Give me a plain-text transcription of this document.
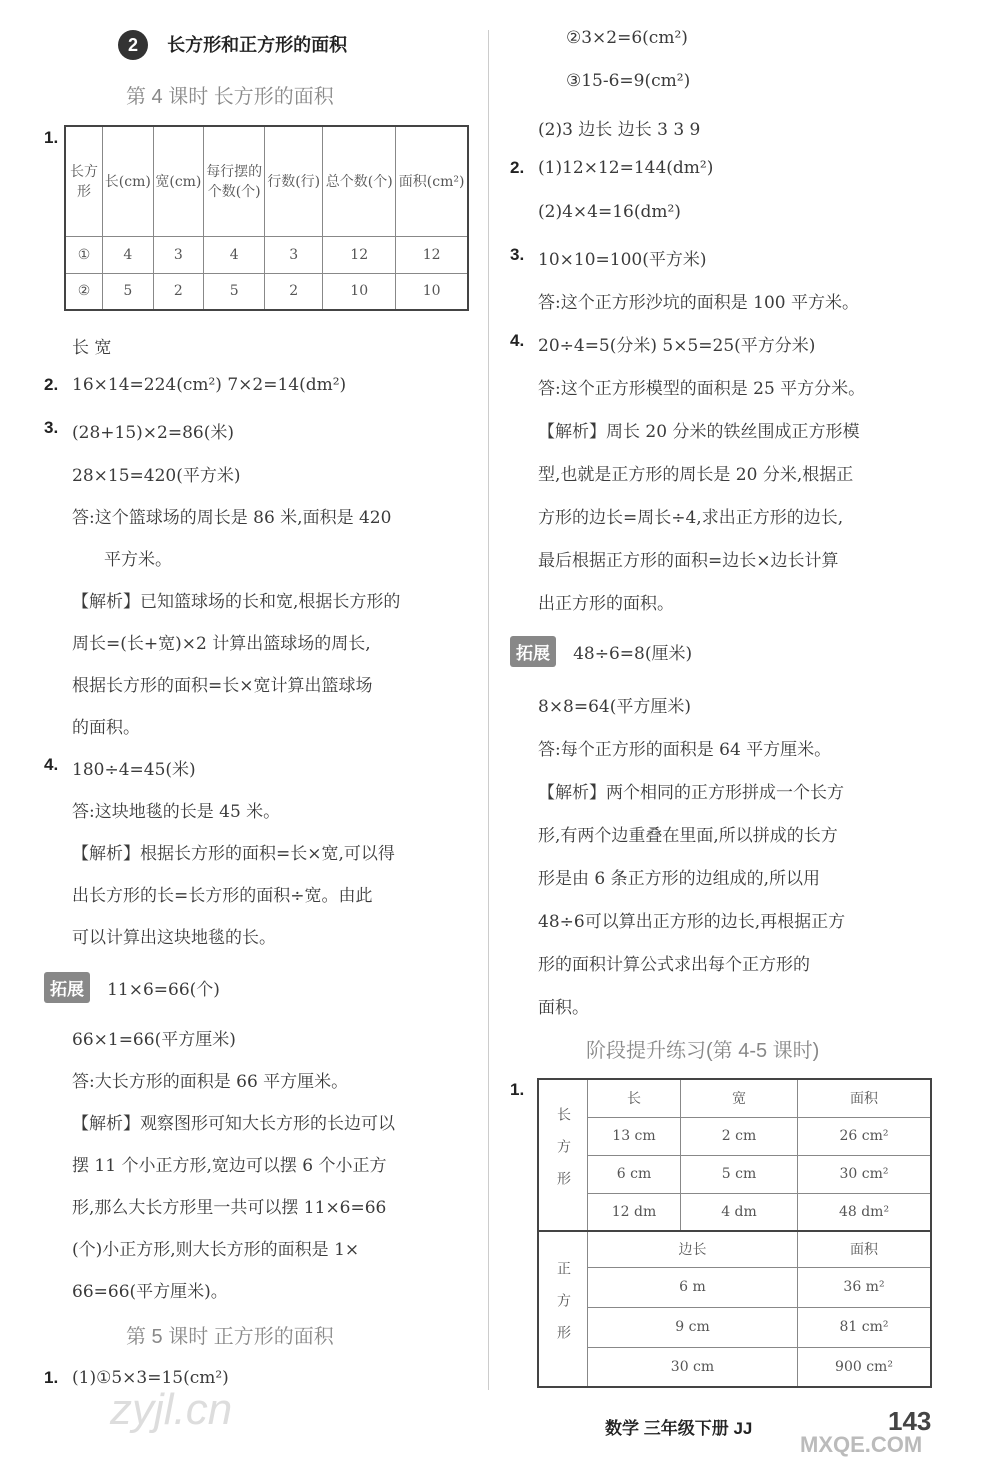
2 长方形和正方形的面积
第 4 课时 长方形的面积
1.
长方形	长(cm)	宽(cm)	每行摆的个数(个)	行数(行)	总个数(个)	面积(cm²)
①	4	3	4	3	12	12
②	5	2	5	2	10	10
长 宽
2. 16×14=224(cm²) 7×2=14(dm²)
3. (28+15)×2=86(米)
28×15=420(平方米)
答:这个篮球场的周长是 86 米,面积是 420
平方米。
【解析】已知篮球场的长和宽,根据长方形的
周长=(长+宽)×2 计算出篮球场的周长,
根据长方形的面积=长×宽计算出篮球场
的面积。
4. 180÷4=45(米)
答:这块地毯的长是 45 米。
【解析】根据长方形的面积=长×宽,可以得
出长方形的长=长方形的面积÷宽。由此
可以计算出这块地毯的长。
拓展 11×6=66(个)
66×1=66(平方厘米)
答:大长方形的面积是 66 平方厘米。
【解析】观察图形可知大长方形的长边可以
摆 11 个小正方形,宽边可以摆 6 个小正方
形,那么大长方形里一共可以摆 11×6=66
(个)小正方形,则大长方形的面积是 1×
66=66(平方厘米)。
第 5 课时 正方形的面积
1. (1)①5×3=15(cm²)
zyjl.cn
②3×2=6(cm²)
③15-6=9(cm²)
(2)3 边长 边长 3 3 9
2. (1)12×12=144(dm²)
(2)4×4=16(dm²)
3. 10×10=100(平方米)
答:这个正方形沙坑的面积是 100 平方米。
4. 20÷4=5(分米) 5×5=25(平方分米)
答:这个正方形模型的面积是 25 平方分米。
【解析】周长 20 分米的铁丝围成正方形模
型,也就是正方形的周长是 20 分米,根据正
方形的边长=周长÷4,求出正方形的边长,
最后根据正方形的面积=边长×边长计算
出正方形的面积。
拓展 48÷6=8(厘米)
8×8=64(平方厘米)
答:每个正方形的面积是 64 平方厘米。
【解析】两个相同的正方形拼成一个长方
形,有两个边重叠在里面,所以拼成的长方
形是由 6 条正方形的边组成的,所以用
48÷6可以算出正方形的边长,再根据正方
形的面积计算公式求出每个正方形的
面积。
阶段提升练习(第 4-5 课时)
1.
长方形	长	宽	面积
	13 cm	2 cm	26 cm²
	6 cm	5 cm	30 cm²
	12 dm	4 dm	48 dm²
正方形	边长		面积
	6 m		36 m²
	9 cm		81 cm²
	30 cm		900 cm²
数学 三年级下册 JJ	143
MXQE.COM
